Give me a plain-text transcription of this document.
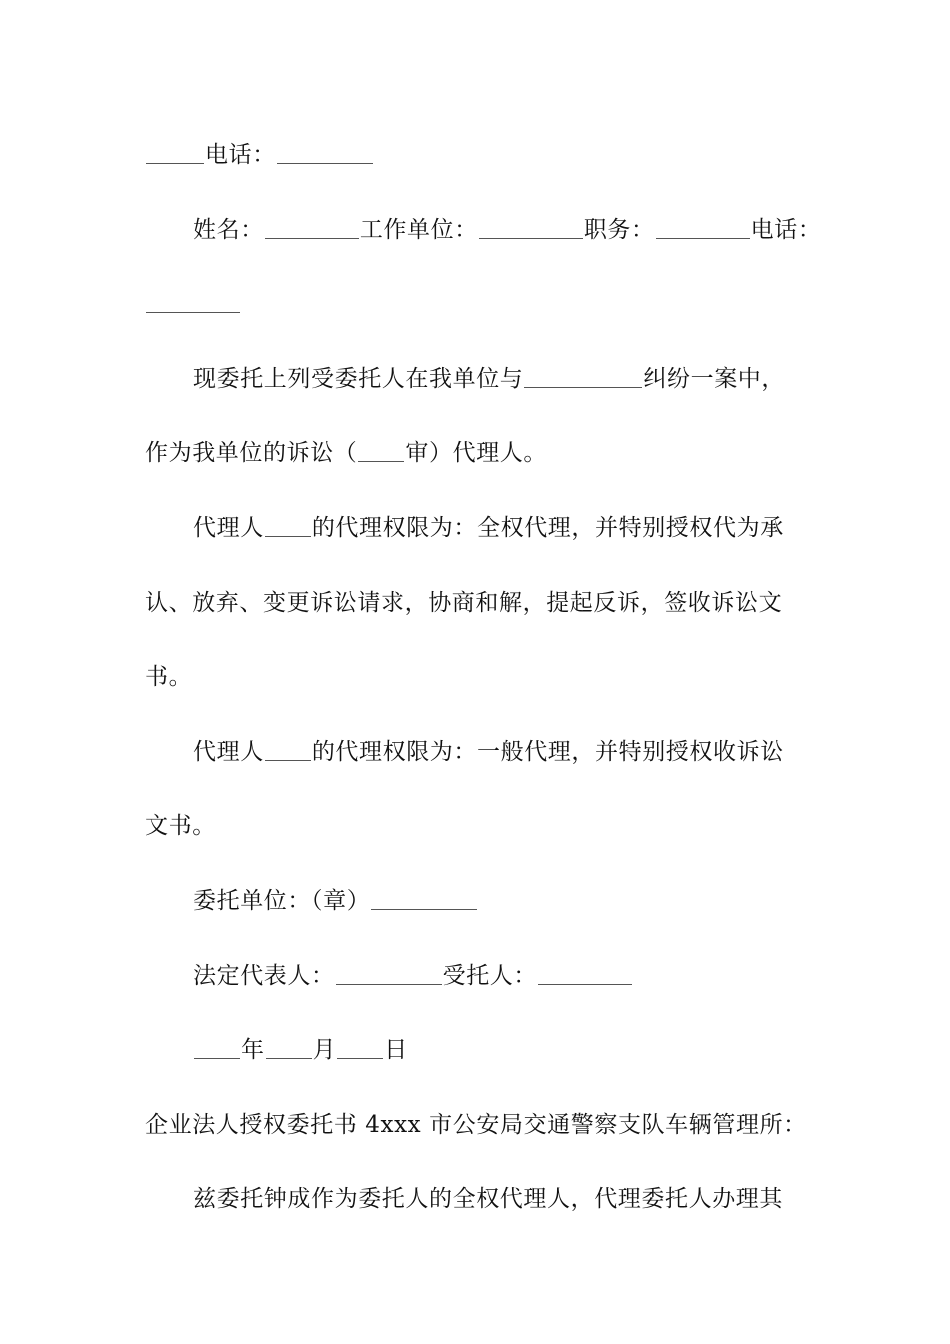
电话：
姓名：	工作单位：	职务：	电话：
现委托上列受委托人在我单位与	纠纷一案中，
作为我单位的诉讼（ 审）代理人。
代理人 的代理权限为：全权代理，并特别授权代为承
认、放弃、变更诉讼请求，协商和解，提起反诉，签收诉讼文
书。
代理人 的代理权限为：一般代理，并特别授权收诉讼
文书。
委托单位：（章）
法定代表人：	受托人：
年 月 日
企业法人授权委托书 4xxx 市公安局交通警察支队车辆管理所：
兹委托钟成作为委托人的全权代理人，代理委托人办理其
